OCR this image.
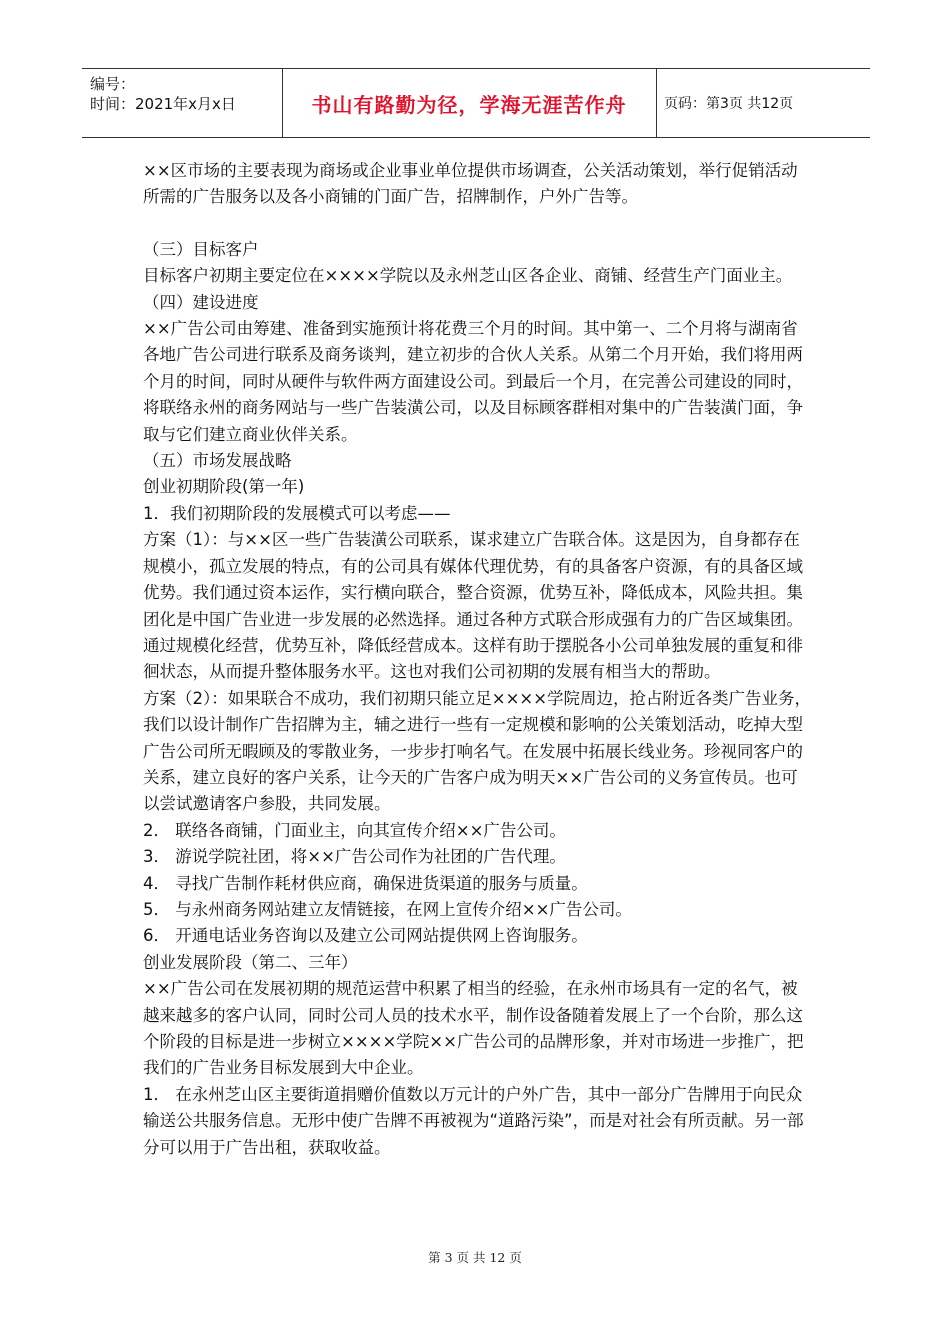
编号：
时间：2021年x月x日	书山有路勤为径，学海无涯苦作舟	页码：第3页 共12页

××区市场的主要表现为商场或企业事业单位提供市场调查，公关活动策划，举行促销活动所需的广告服务以及各小商铺的门面广告，招牌制作，户外广告等。

（三）目标客户

目标客户初期主要定位在××××学院以及永州芝山区各企业、商铺、经营生产门面业主。

（四）建设进度

××广告公司由筹建、准备到实施预计将花费三个月的时间。其中第一、二个月将与湖南省各地广告公司进行联系及商务谈判，建立初步的合伙人关系。从第二个月开始，我们将用两个月的时间，同时从硬件与软件两方面建设公司。到最后一个月，在完善公司建设的同时，将联络永州的商务网站与一些广告装潢公司，以及目标顾客群相对集中的广告装潢门面，争取与它们建立商业伙伴关系。

（五）市场发展战略

创业初期阶段(第一年)

1．我们初期阶段的发展模式可以考虑——

方案（1）：与××区一些广告装潢公司联系，谋求建立广告联合体。这是因为，自身都存在规模小，孤立发展的特点，有的公司具有媒体代理优势，有的具备客户资源，有的具备区域优势。我们通过资本运作，实行横向联合，整合资源，优势互补，降低成本，风险共担。集团化是中国广告业进一步发展的必然选择。通过各种方式联合形成强有力的广告区域集团。通过规模化经营，优势互补，降低经营成本。这样有助于摆脱各小公司单独发展的重复和徘徊状态，从而提升整体服务水平。这也对我们公司初期的发展有相当大的帮助。

方案（2）：如果联合不成功，我们初期只能立足××××学院周边，抢占附近各类广告业务，我们以设计制作广告招牌为主，辅之进行一些有一定规模和影响的公关策划活动，吃掉大型广告公司所无暇顾及的零散业务，一步步打响名气。在发展中拓展长线业务。珍视同客户的关系，建立良好的客户关系，让今天的广告客户成为明天××广告公司的义务宣传员。也可以尝试邀请客户参股，共同发展。

2． 联络各商铺，门面业主，向其宣传介绍××广告公司。

3． 游说学院社团，将××广告公司作为社团的广告代理。

4． 寻找广告制作耗材供应商，确保进货渠道的服务与质量。

5． 与永州商务网站建立友情链接，在网上宣传介绍××广告公司。

6． 开通电话业务咨询以及建立公司网站提供网上咨询服务。

创业发展阶段（第二、三年）

××广告公司在发展初期的规范运营中积累了相当的经验，在永州市场具有一定的名气，被越来越多的客户认同，同时公司人员的技术水平，制作设备随着发展上了一个台阶，那么这个阶段的目标是进一步树立××××学院××广告公司的品牌形象，并对市场进一步推广，把我们的广告业务目标发展到大中企业。

1． 在永州芝山区主要街道捐赠价值数以万元计的户外广告，其中一部分广告牌用于向民众输送公共服务信息。无形中使广告牌不再被视为“道路污染”，而是对社会有所贡献。另一部分可以用于广告出租，获取收益。

第 3 页 共 12 页
